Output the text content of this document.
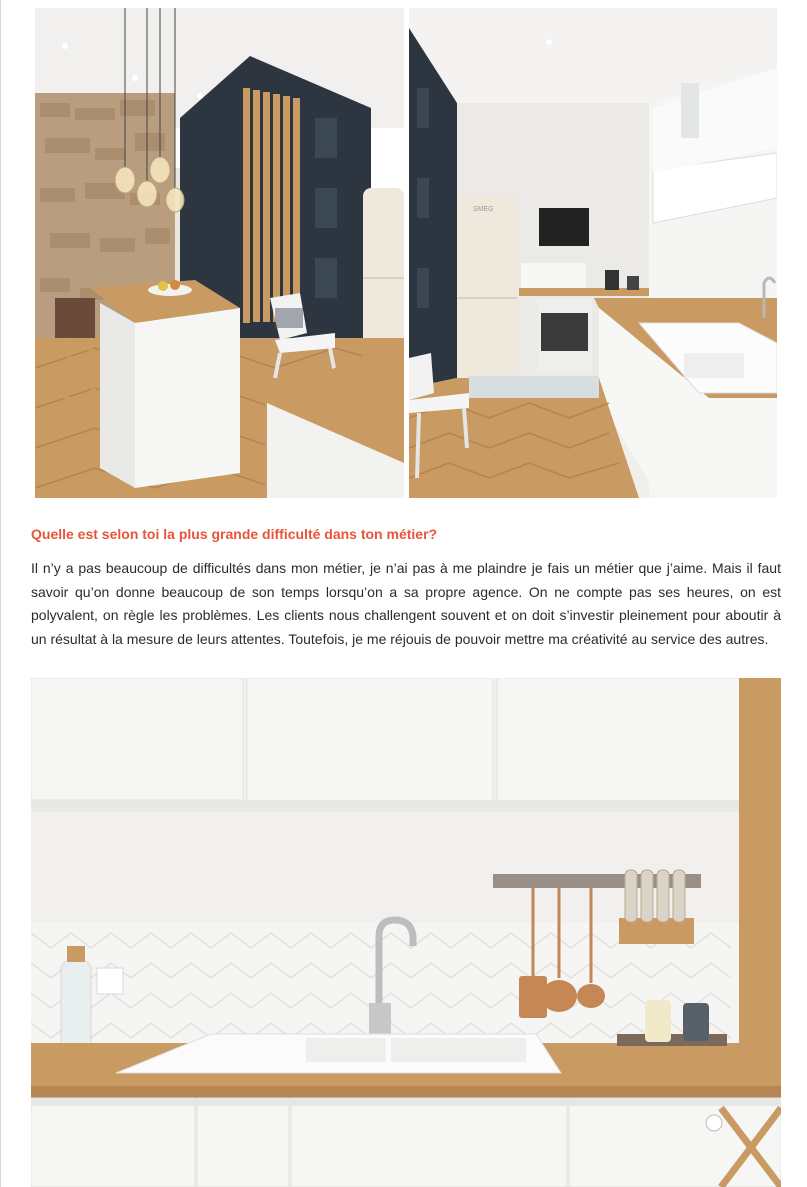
SMEG
Quelle est selon toi la plus grande difficulté dans ton métier?

Il n’y a pas beaucoup de difficultés dans mon métier, je n’ai pas à me plaindre je fais un métier que j’aime. Mais il faut savoir qu’on donne beaucoup de son temps lorsqu’on a sa propre agence. On ne compte pas ses heures, on est polyvalent, on règle les problèmes. Les clients nous challengent souvent et on doit s’investir pleinement pour aboutir à un résultat à la mesure de leurs attentes. Toutefois, je me réjouis de pouvoir mettre ma créativité au service des autres.
